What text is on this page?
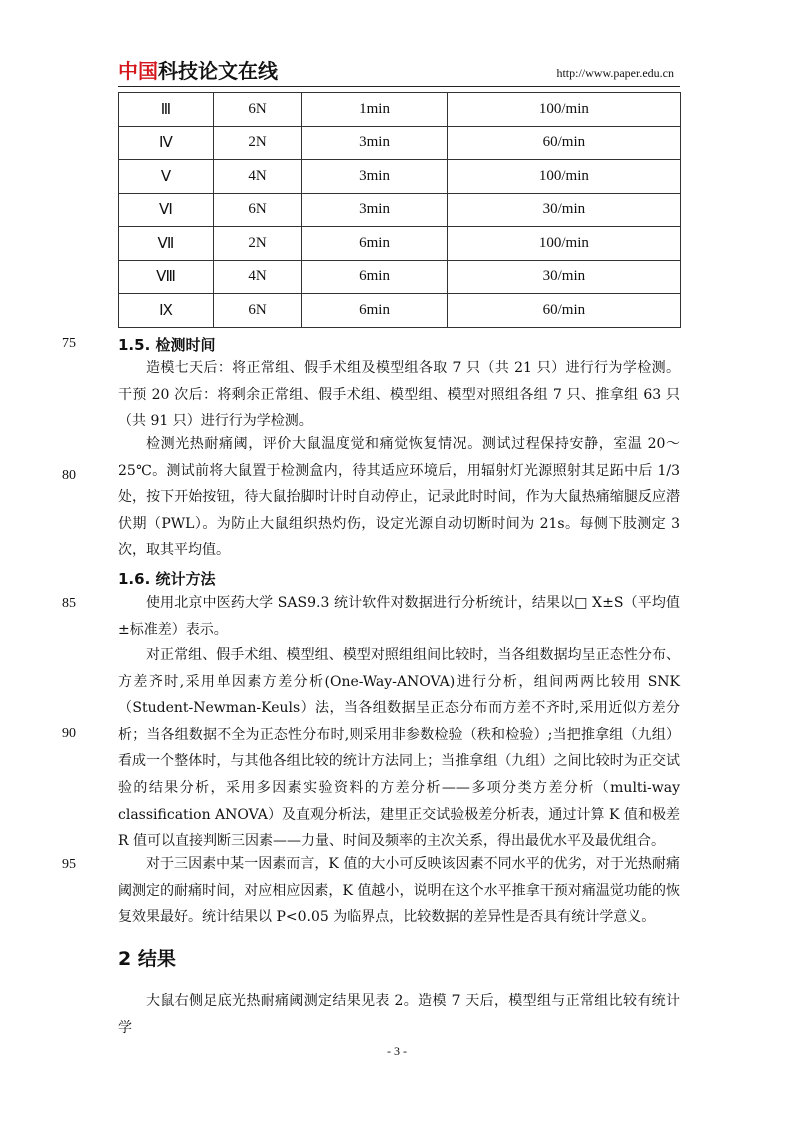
中国科技论文在线	http://www.paper.edu.cn
Ⅲ	6N	1min	100/min
Ⅳ	2N	3min	60/min
Ⅴ	4N	3min	100/min
Ⅵ	6N	3min	30/min
Ⅶ	2N	6min	100/min
Ⅷ	4N	6min	30/min
Ⅸ	6N	6min	60/min
75
80
85
90
95
1.5. 检测时间

造模七天后：将正常组、假手术组及模型组各取 7 只（共 21 只）进行行为学检测。干预 20 次后：将剩余正常组、假手术组、模型组、模型对照组各组 7 只、推拿组 63 只（共 91 只）进行行为学检测。

检测光热耐痛阈，评价大鼠温度觉和痛觉恢复情况。测试过程保持安静，室温 20～25℃。测试前将大鼠置于检测盒内，待其适应环境后，用辐射灯光源照射其足跖中后 1/3 处，按下开始按钮，待大鼠抬脚时计时自动停止，记录此时时间，作为大鼠热痛缩腿反应潜伏期（PWL）。为防止大鼠组织热灼伤，设定光源自动切断时间为 21s。每侧下肢测定 3 次，取其平均值。

1.6. 统计方法

使用北京中医药大学 SAS9.3 统计软件对数据进行分析统计，结果以□ X±S（平均值±标准差）表示。

对正常组、假手术组、模型组、模型对照组组间比较时，当各组数据均呈正态性分布、方差齐时,采用单因素方差分析(One-Way-ANOVA)进行分析，组间两两比较用 SNK（Student-Newman-Keuls）法，当各组数据呈正态分布而方差不齐时,采用近似方差分析；当各组数据不全为正态性分布时,则采用非参数检验（秩和检验）;当把推拿组（九组）看成一个整体时，与其他各组比较的统计方法同上；当推拿组（九组）之间比较时为正交试验的结果分析，采用多因素实验资料的方差分析——多项分类方差分析（multi-way classification ANOVA）及直观分析法，建里正交试验极差分析表，通过计算 K 值和极差 R 值可以直接判断三因素——力量、时间及频率的主次关系，得出最优水平及最优组合。

对于三因素中某一因素而言，K 值的大小可反映该因素不同水平的优劣，对于光热耐痛阈测定的耐痛时间，对应相应因素，K 值越小，说明在这个水平推拿干预对痛温觉功能的恢复效果最好。统计结果以 P<0.05 为临界点，比较数据的差异性是否具有统计学意义。

2 结果

大鼠右侧足底光热耐痛阈测定结果见表 2。造模 7 天后，模型组与正常组比较有统计学

- 3 -
